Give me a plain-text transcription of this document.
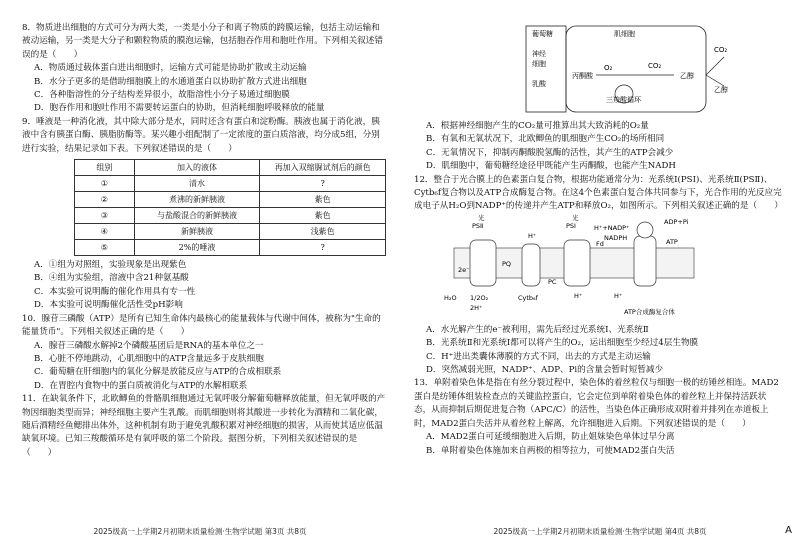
8．物质进出细胞的方式可分为两大类，一类是小分子和离子物质的跨膜运输，包括主动运输和被动运输，另一类是大分子和颗粒物质的膜泡运输，包括胞吞作用和胞吐作用。下列相关叙述错误的是（　　）

A．物质通过载体蛋白进出细胞时，运输方式可能是协助扩散或主动运输

B．水分子更多的是借助细胞膜上的水通道蛋白以协助扩散方式进出细胞

C．各种脂溶性的分子结构差异很小，故脂溶性小分子易通过细胞膜

D．胞吞作用和胞吐作用不需要转运蛋白的协助，但消耗细胞呼吸释放的能量

9．唾液是一种消化液，其中除大部分是水，同时还含有蛋白和淀粉酶。胰液也属于消化液，胰液中含有胰蛋白酶、胰脂肪酶等。某兴趣小组配制了一定浓度的蛋白质溶液，均分成5组，分别进行实验，结果记录如下表。下列叙述错误的是（　　）

组别	加入的液体	再加入双缩脲试剂后的颜色
①	清水	?
②	煮沸的新鲜胰液	紫色
③	与盐酸混合的新鲜胰液	紫色
④	新鲜胰液	浅紫色
⑤	2%的唾液	?

A．①组为对照组，实验现象是出现紫色

B．④组为实验组，溶液中含21种氨基酸

C．本实验可说明酶的催化作用具有专一性

D．本实验可说明酶催化活性受pH影响

10．腺苷三磷酸（ATP）是所有已知生命体内最核心的能量载体与代谢中间体，被称为"生命的能量货币"。下列相关叙述正确的是（　　）

A．腺苷三磷酸水解掉2个磷酸基团后是RNA的基本单位之一

B．心脏不停地跳动，心肌细胞中的ATP含量远多于皮肤细胞

C．葡萄糖在肝细胞内的氧化分解是放能反应与ATP的合成相联系

D．在胃腔内食物中的蛋白质被消化与ATP的水解相联系

11．在缺氧条件下，北欧鲫鱼的骨骼肌细胞通过无氧呼吸分解葡萄糖释放能量，但无氧呼吸的产物因细胞类型而异；神经细胞主要产生乳酸。而肌细胞则将其酸进一步转化为酒精和二氧化碳，随后酒精经鱼鳃排出体外，这种机制有助于避免乳酸积累对神经细胞的损害，从而使其适应低温缺氧环境。已知三羧酸循环是有氧呼吸的第二个阶段。据图分析，下列相关叙述错误的是（　　）

2025级高一上学期2月初期末质量检测·生物学试题 第3页 共8页
葡萄糖
神经
细胞
乳酸
肌细胞
丙酮酸
O₂	CO₂
乙醇
三羧酸循环
CO₂
乙醇

A．根据神经细胞产生的CO₂量可推算出其大致消耗的O₂量

B．有氧和无氧状况下，北欧鲫鱼的肌细胞产生CO₂的场所相同

C．无氧情况下，抑制丙酮酸脱氢酶的活性，其产生的ATP会减少

D．肌细胞中，葡萄糖经途径甲既能产生丙酮酸，也能产生NADH

12．整合于光合膜上的色素蛋白复合物，根据功能通常分为：光系统Ⅰ(PSⅠ)、光系统Ⅱ(PSⅡ)、Cytb₆f复合物以及ATP合成酶复合物。在这4个色素蛋白复合体共同参与下，光合作用的光反应完成电子从H₂O到NADP⁺的传递并产生ATP和释放O₂，如图所示。下列相关叙述正确的是（　　）

PSⅡ	PSⅠ
光	光
2e⁻
PQ
PC
H₂O 1/2O₂
2H⁺
Cytb₆f
H⁺
H⁺	H⁺
H⁺+NADP⁺
NADPH
Fd
ADP+Pi
ATP
ATP合成酶复合体

A．水光解产生的e⁻被利用，需先后经过光系统Ⅰ、光系统Ⅱ

B．光系统Ⅱ和光系统Ⅰ都可以将产生的O₂，运出细胞至少经过4层生物膜

C．H⁺进出类囊体薄膜的方式不同，出去的方式是主动运输

D．突然减弱光照，NADP⁺、ADP、Pi的含量会暂时短暂减少

13．单附着染色体是指在有丝分裂过程中，染色体的着丝粒仅与细胞一极的纺锤丝相连。MAD2蛋白是纺锤体组装检查点的关键监控蛋白，它会定位到单附着染色体的着丝粒上并保持活跃状态，从而抑制后期促进复合物（APC/C）的活性，当染色体正确形成双附着并排列在赤道板上时，MAD2蛋白失活并从着丝粒上解离，允许细胞进入后期。下列叙述错误的是（　　）

A．MAD2蛋白可延缓细胞进入后期，防止姐妹染色单体过早分离

B．单附着染色体施加来自两极的相等拉力，可使MAD2蛋白失活

2025级高一上学期2月初期末质量检测·生物学试题 第4页 共8页	A
